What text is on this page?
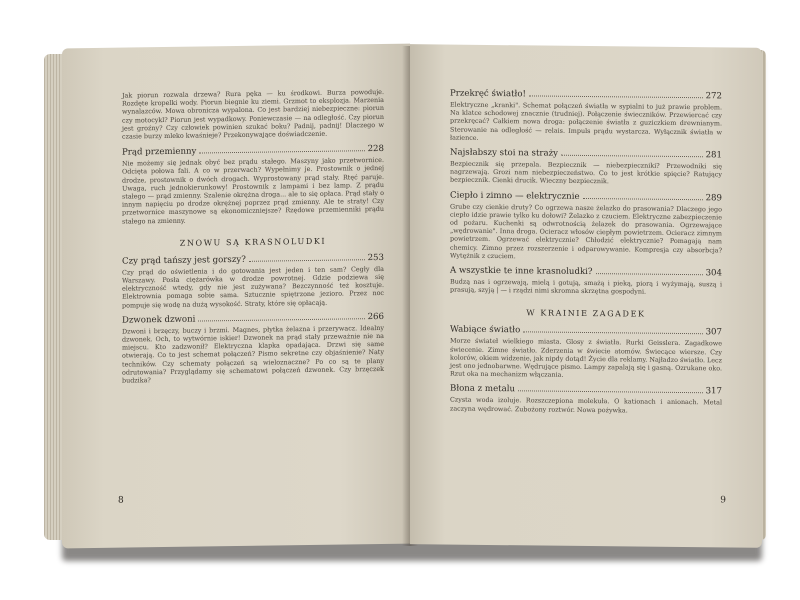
Jak piorun rozwala drzewa? Rura pęka — ku środkowi. Burza powoduje. Rozdęte kropelki wody. Piorun biegnie ku ziemi. Grzmot to eksplozja. Marzenia wynalazców. Mowa obronicza wypalona. Co jest bardziej niebezpieczne: piorun czy motocykl? Piorun jest wypadkowy. Poniewczasie — na odległość. Czy piorun jest groźny? Czy człowiek powinien szukać boku? Padnij, padnij! Dlaczego w czasie burzy mleko kwaśnieje? Przekonywające doświadczenie.

Prąd przemienny	228

Nie możemy się jednak obyć bez prądu stałego. Maszyny jako przetwornice. Odcięta połowa fali. A co w przerwach? Wypełnimy je. Prostownik o jednej drodze, prostownik o dwóch drogach. Wyprostowany prąd stały. Rtęć paruje. Uwaga, ruch jednokierunkowy! Prostownik z lampami i bez lamp. Z prądu stałego — prąd zmienny. Szalenie okrężna droga... ale to się opłaca. Prąd stały o innym napięciu po drodze okrężnej poprzez prąd zmienny. Ale te straty! Czy przetwornice maszynowe są ekonomiczniejsze? Rzędowe przemienniki prądu stałego na zmienny.

ZNOWU SĄ KRASNOLUDKI
Czy prąd tańszy jest gorszy?	253

Czy prąd do oświetlenia i do gotowania jest jeden i ten sam? Cegły dla Warszawy. Posła ciężarówka w drodze powrotnej. Gdzie podziewa się elektryczność wtedy, gdy nie jest zużywana? Bezczynność też kosztuje. Elektrownia pomaga sobie sama. Sztucznie spiętrzone jezioro. Przez noc pompuje się wodę na dużą wysokość. Straty, które się opłacają.

Dzwonek dzwoni	266

Dzwoni i brzęczy, buczy i brzmi. Magnes, płytka żelazna i przerywacz. Idealny dzwonek. Och, to wytwórnie iskier! Dzwonek na prąd stały przeważnie nie na miejscu. Kto zadzwonił? Elektryczna klapka opadająca. Drzwi się same otwierają. Co to jest schemat połączeń? Pismo sekretne czy objaśnienie? Naty techników. Czy schematy połączeń są wieloznaczne? Po co są te plany odrutowania? Przyglądamy się schematowi połączeń dzwonek. Czy brzęczek budzika?

8
Przekręć światło!	272

Elektryczne „kranki". Schemat połączeń światła w sypialni to już prawie problem. Na klatce schodowej znacznie (trudniej). Połączenie świeczników. Przewiercać czy przekręcać? Całkiem nowa droga: połączenie światła z guziczkiem drewnianym. Sterowanie na odległość — relais. Impuls prądu wystarcza. Wyłącznik światła w łazience.

Najsłabszy stoi na straży	281

Bezpiecznik się przepala. Bezpiecznik — niebezpieczniki? Przewodniki się nagrzewają. Grozi nam niebezpieczeństwo. Co to jest krótkie spięcie? Ratujący bezpiecznik. Cienki drucik. Wieczny bezpiecznik.

Ciepło i zimno — elektrycznie	289

Grube czy cienkie druty? Co ogrzewa nasze żelazko do prasowania? Dlaczego jego ciepło idzie prawie tylko ku dołowi? Żelazko z czuciem. Elektryczne zabezpieczenie od pożaru. Kuchenki są odwrotnością żelazek do prasowania. Ogrzewające „wędrowanie". Inna droga. Ocieracz włosów ciepłym powietrzem. Ocieracz zimnym powietrzem. Ogrzewać elektrycznie? Chłodzić elektrycznie? Pomagają nam chemicy. Zimno przez rozszerzenie i odparowywanie. Kompresja czy absorbcja? Wytężnik z czuciem.

A wszystkie te inne krasnoludki?	304

Budzą nas i ogrzewają, mielą i gotują, smażą i pieką, piorą i wyżymają, suszą i prasują, szyją | — i rządzi nimi skromna skrzętna gospodyni.

W KRAINIE ZAGADEK
Wabiące światło	307

Morze świateł wielkiego miasta. Glosy z światła. Rurki Geisslera. Zagadkowe świecenie. Zimne światło. Zderzenia w świecie atomów. Świecące wiersze. Czy kolorów, okiem widzenie, jak nipdy dotąd! Życie dla reklamy. Najładzo światło. Lecz jest ono jednobarwne. Wędrujące pismo. Lampy zapalają się i gasną. Ozrukane oko. Rzut oka na mechanizm włączania.

Błona z metalu	317

Czysta woda izoluje. Rozszczepiona molekuła. O kationach i anionach. Metal zaczyna wędrować. Zubożony roztwór. Nowa pożywka.

9
